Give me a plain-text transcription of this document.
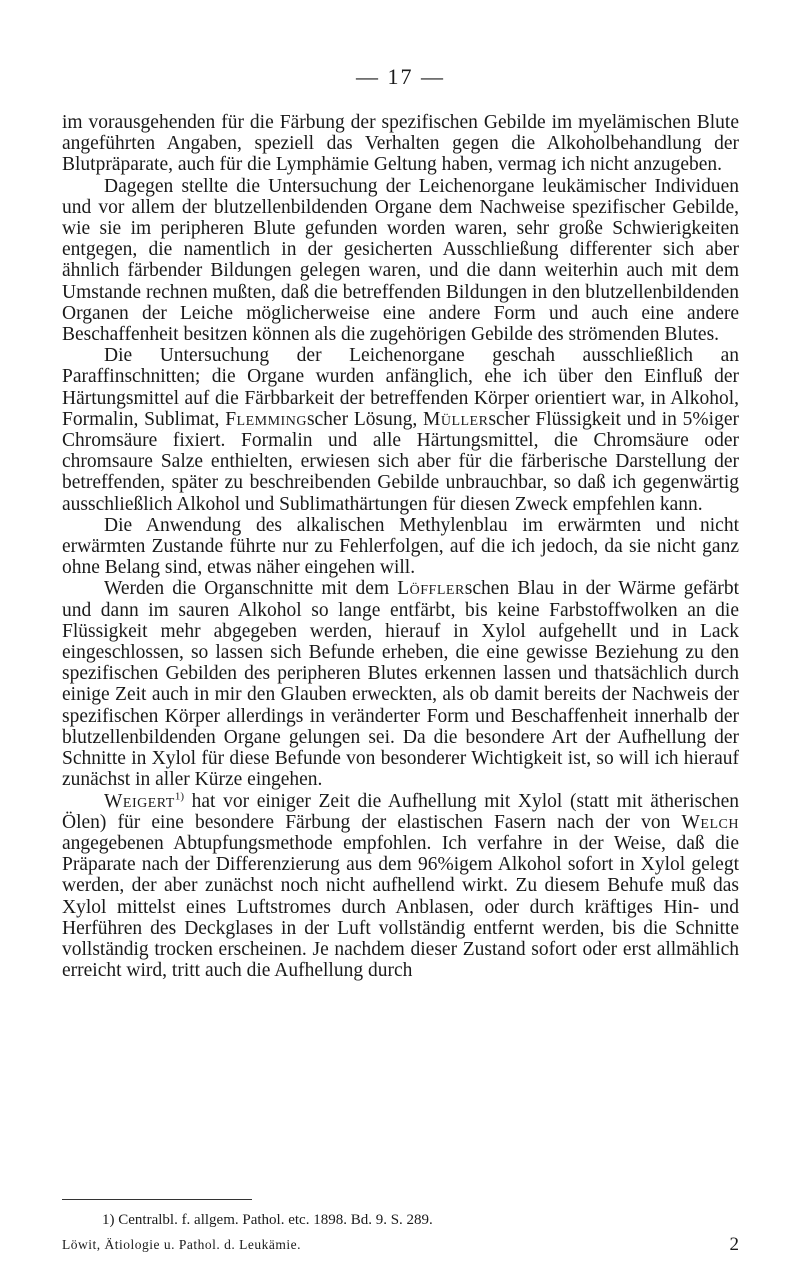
— 17 —

im vorausgehenden für die Färbung der spezifischen Gebilde im myelämischen Blute angeführten Angaben, speziell das Verhalten gegen die Alkoholbehandlung der Blutpräparate, auch für die Lymphämie Geltung haben, vermag ich nicht anzugeben.

Dagegen stellte die Untersuchung der Leichenorgane leukämischer Individuen und vor allem der blutzellenbildenden Organe dem Nachweise spezifischer Gebilde, wie sie im peripheren Blute gefunden worden waren, sehr große Schwierigkeiten entgegen, die namentlich in der gesicherten Ausschließung differenter sich aber ähnlich färbender Bildungen gelegen waren, und die dann weiterhin auch mit dem Umstande rechnen mußten, daß die betreffenden Bildungen in den blutzellenbildenden Organen der Leiche möglicherweise eine andere Form und auch eine andere Beschaffenheit besitzen können als die zugehörigen Gebilde des strömenden Blutes.

Die Untersuchung der Leichenorgane geschah ausschließlich an Paraffinschnitten; die Organe wurden anfänglich, ehe ich über den Einfluß der Härtungsmittel auf die Färbbarkeit der betreffenden Körper orientiert war, in Alkohol, Formalin, Sublimat, Flemmingscher Lösung, Müllerscher Flüssigkeit und in 5%iger Chromsäure fixiert. Formalin und alle Härtungsmittel, die Chromsäure oder chromsaure Salze enthielten, erwiesen sich aber für die färberische Darstellung der betreffenden, später zu beschreibenden Gebilde unbrauchbar, so daß ich gegenwärtig ausschließlich Alkohol und Sublimathärtungen für diesen Zweck empfehlen kann.

Die Anwendung des alkalischen Methylenblau im erwärmten und nicht erwärmten Zustande führte nur zu Fehlerfolgen, auf die ich jedoch, da sie nicht ganz ohne Belang sind, etwas näher eingehen will.

Werden die Organschnitte mit dem Löfflerschen Blau in der Wärme gefärbt und dann im sauren Alkohol so lange entfärbt, bis keine Farbstoffwolken an die Flüssigkeit mehr abgegeben werden, hierauf in Xylol aufgehellt und in Lack eingeschlossen, so lassen sich Befunde erheben, die eine gewisse Beziehung zu den spezifischen Gebilden des peripheren Blutes erkennen lassen und thatsächlich durch einige Zeit auch in mir den Glauben erweckten, als ob damit bereits der Nachweis der spezifischen Körper allerdings in veränderter Form und Beschaffenheit innerhalb der blutzellenbildenden Organe gelungen sei. Da die besondere Art der Aufhellung der Schnitte in Xylol für diese Befunde von besonderer Wichtigkeit ist, so will ich hierauf zunächst in aller Kürze eingehen.

Weigert$^{1)}$ hat vor einiger Zeit die Aufhellung mit Xylol (statt mit ätherischen Ölen) für eine besondere Färbung der elastischen Fasern nach der von Welch angegebenen Abtupfungsmethode empfohlen. Ich verfahre in der Weise, daß die Präparate nach der Differenzierung aus dem 96%igem Alkohol sofort in Xylol gelegt werden, der aber zunächst noch nicht aufhellend wirkt. Zu diesem Behufe muß das Xylol mittelst eines Luftstromes durch Anblasen, oder durch kräftiges Hin- und Herführen des Deckglases in der Luft vollständig entfernt werden, bis die Schnitte vollständig trocken erscheinen. Je nachdem dieser Zustand sofort oder erst allmählich erreicht wird, tritt auch die Aufhellung durch

1) Centralbl. f. allgem. Pathol. etc. 1898. Bd. 9. S. 289.
Löwit, Ätiologie u. Pathol. d. Leukämie.	2
